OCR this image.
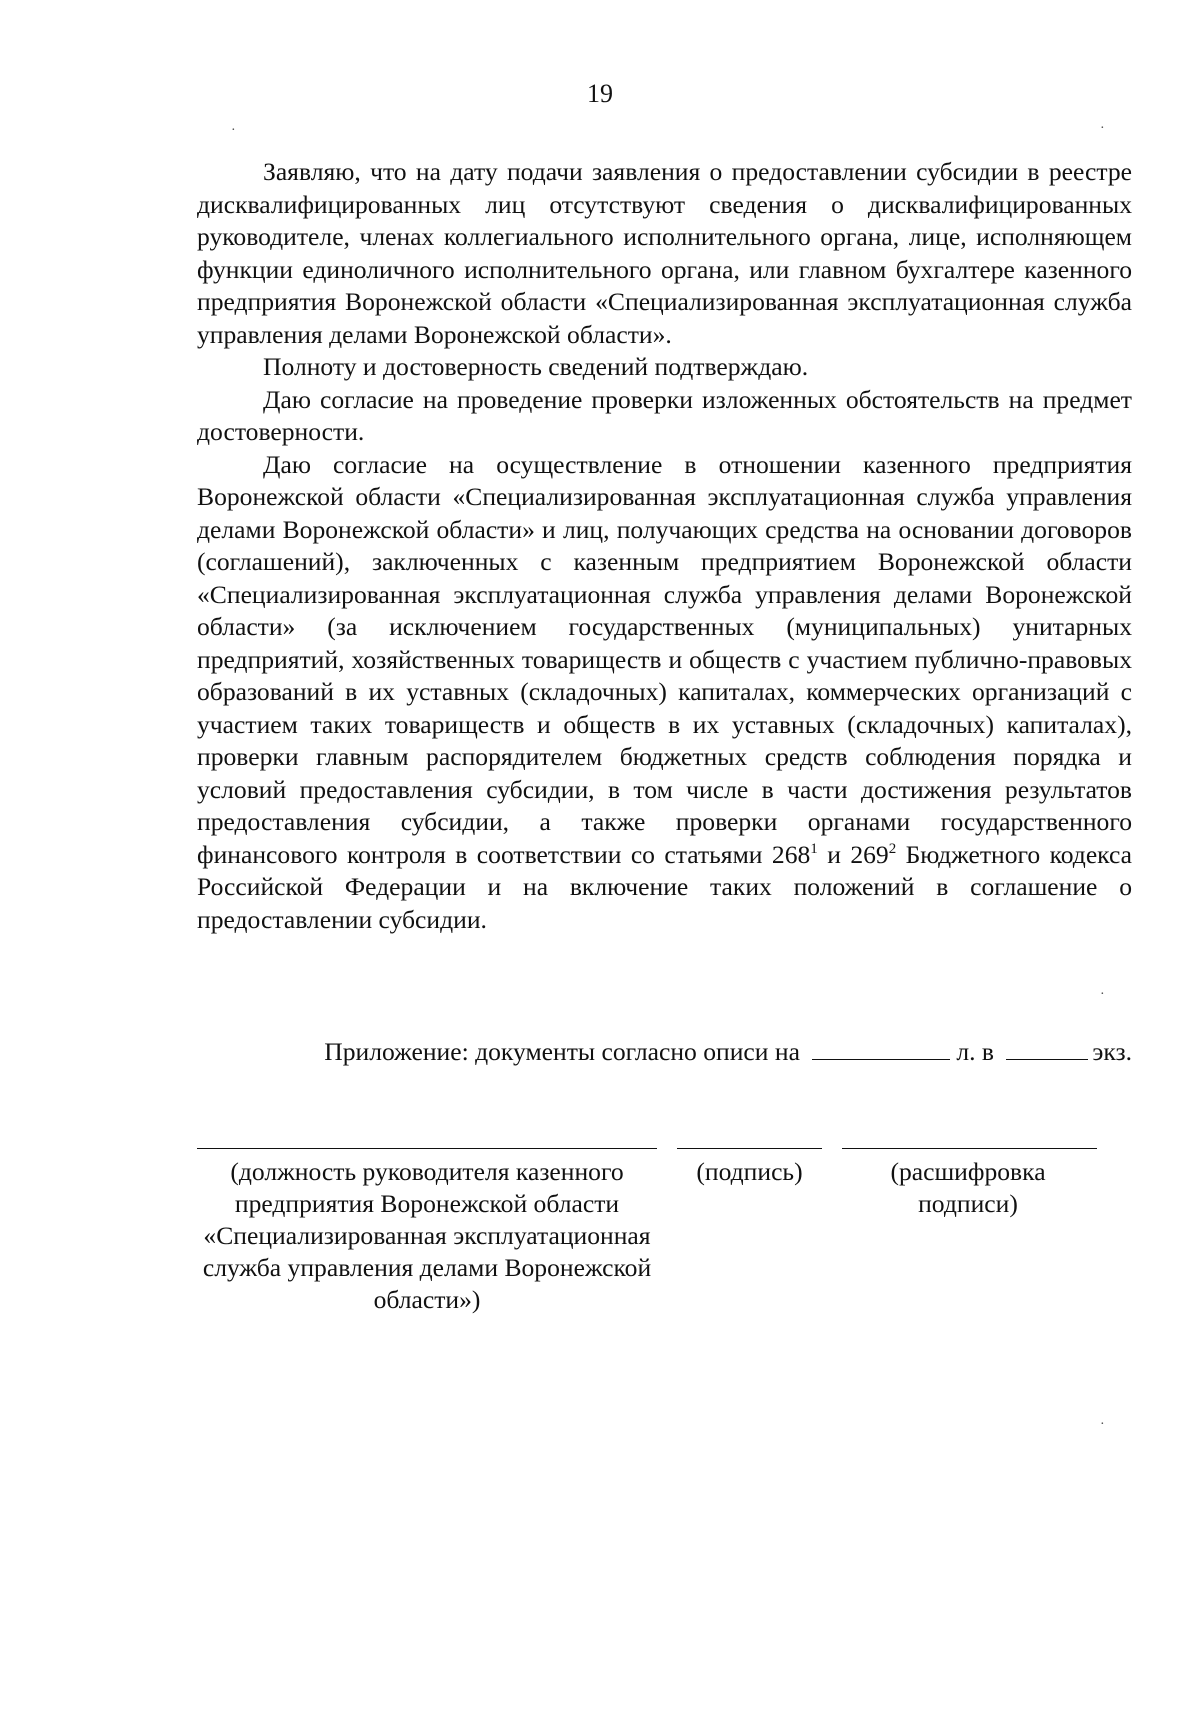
19

Заявляю, что на дату подачи заявления о предоставлении субсидии в реестре дисквалифицированных лиц отсутствуют сведения о дисквалифицированных руководителе, членах коллегиального исполнительного органа, лице, исполняющем функции единоличного исполнительного органа, или главном бухгалтере казенного предприятия Воронежской области «Специализированная эксплуатационная служба управления делами Воронежской области».

Полноту и достоверность сведений подтверждаю.

Даю согласие на проведение проверки изложенных обстоятельств на предмет достоверности.

Даю согласие на осуществление в отношении казенного предприятия Воронежской области «Специализированная эксплуатационная служба управления делами Воронежской области» и лиц, получающих средства на основании договоров (соглашений), заключенных с казенным предприятием Воронежской области «Специализированная эксплуатационная служба управления делами Воронежской области» (за исключением государственных (муниципальных) унитарных предприятий, хозяйственных товариществ и обществ с участием публично-правовых образований в их уставных (складочных) капиталах, коммерческих организаций с участием таких товариществ и обществ в их уставных (складочных) капиталах), проверки главным распорядителем бюджетных средств соблюдения порядка и условий предоставления субсидии, в том числе в части достижения результатов предоставления субсидии, а также проверки органами государственного финансового контроля в соответствии со статьями $268^1$ и $269^2$ Бюджетного кодекса Российской Федерации и на включение таких положений в соглашение о предоставлении субсидии.

Приложение: документы согласно описи на	л. в	экз.
(должность руководителя казенного предприятия Воронежской области «Специализированная эксплуатационная служба управления делами Воронежской области»)
(подпись)	(расшифровка подписи)
·	·
·
·
